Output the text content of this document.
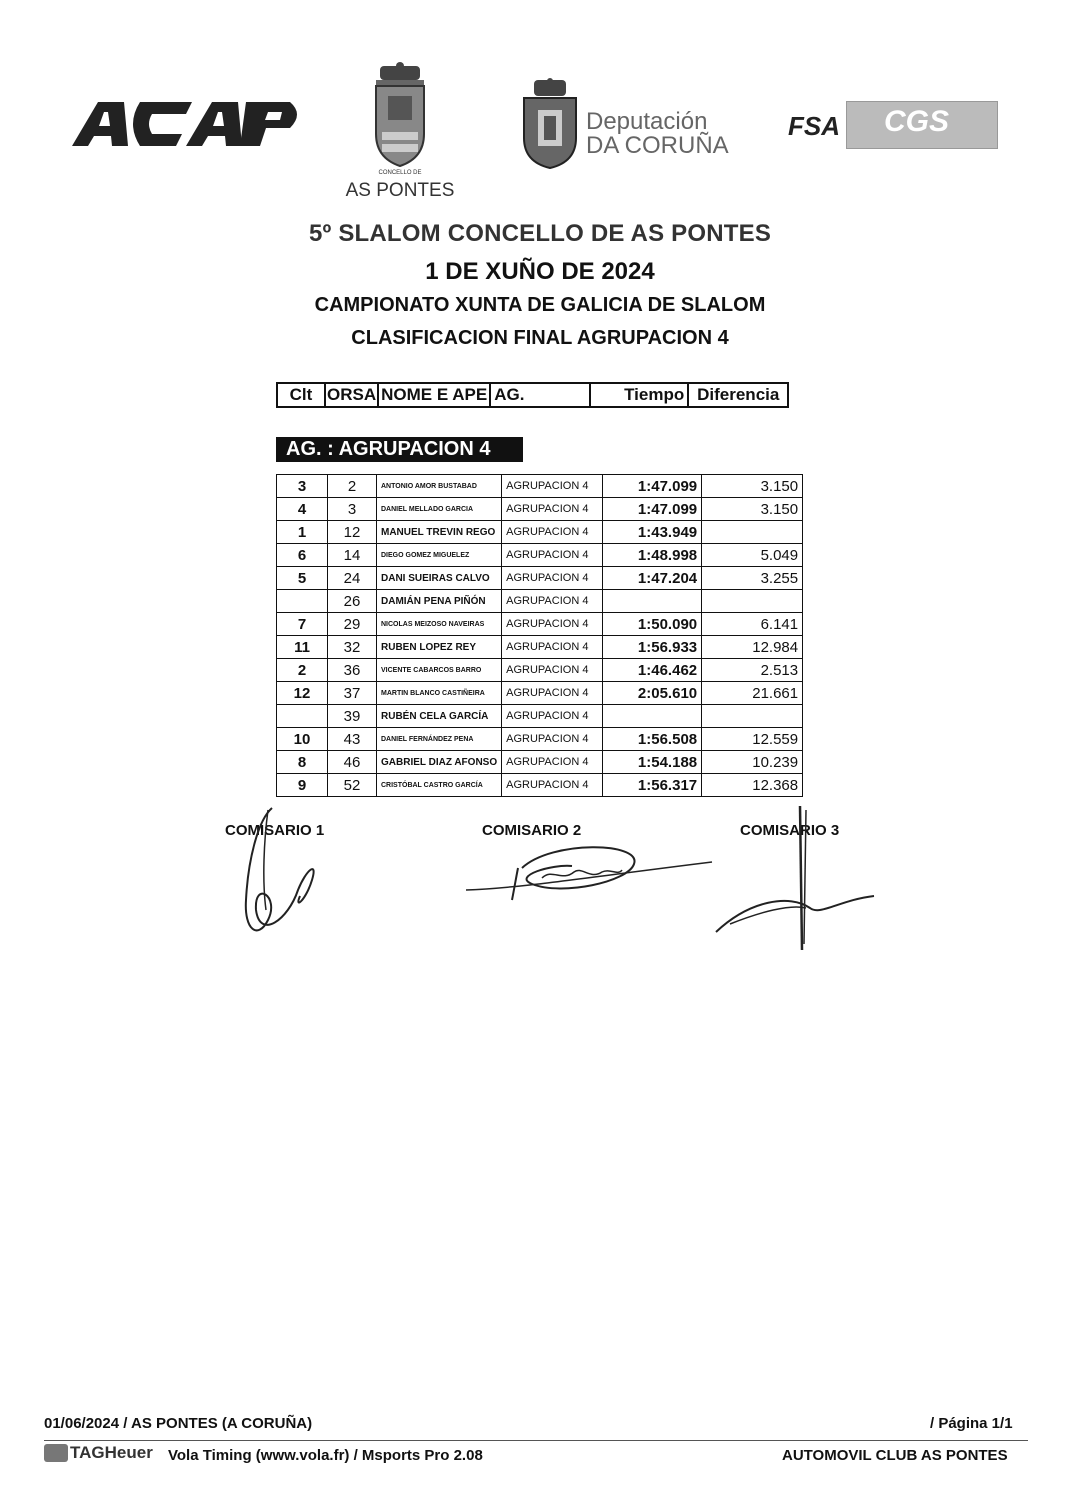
CONCELLO DE
AS PONTES
Deputación
DA CORUÑA
FSA	CGS
5º SLALOM CONCELLO DE AS PONTES
1 DE XUÑO DE 2024
CAMPIONATO XUNTA DE GALICIA DE SLALOM
CLASIFICACION FINAL AGRUPACION 4
Clt	ORSA	NOME E APE	AG.	Tiempo	Diferencia
AG. : AGRUPACION 4
3	2	ANTONIO AMOR BUSTABAD	AGRUPACION 4	1:47.099	3.150
4	3	DANIEL MELLADO GARCIA	AGRUPACION 4	1:47.099	3.150
1	12	MANUEL TREVIN REGO	AGRUPACION 4	1:43.949	
6	14	DIEGO GOMEZ MIGUELEZ	AGRUPACION 4	1:48.998	5.049
5	24	DANI SUEIRAS CALVO	AGRUPACION 4	1:47.204	3.255
	26	DAMIÁN PENA PIÑÓN	AGRUPACION 4		
7	29	NICOLAS MEIZOSO NAVEIRAS	AGRUPACION 4	1:50.090	6.141
11	32	RUBEN LOPEZ REY	AGRUPACION 4	1:56.933	12.984
2	36	VICENTE CABARCOS BARRO	AGRUPACION 4	1:46.462	2.513
12	37	MARTIN BLANCO CASTIÑEIRA	AGRUPACION 4	2:05.610	21.661
	39	RUBÉN CELA GARCÍA	AGRUPACION 4		
10	43	DANIEL FERNÁNDEZ PENA	AGRUPACION 4	1:56.508	12.559
8	46	GABRIEL DIAZ AFONSO	AGRUPACION 4	1:54.188	10.239
9	52	CRISTÓBAL CASTRO GARCÍA	AGRUPACION 4	1:56.317	12.368
COMISARIO 1	COMISARIO 2	COMISARIO 3
01/06/2024 / AS PONTES (A CORUÑA)	/ Página 1/1
TAGHeuer Vola Timing (www.vola.fr) / Msports Pro 2.08	AUTOMOVIL CLUB AS PONTES
